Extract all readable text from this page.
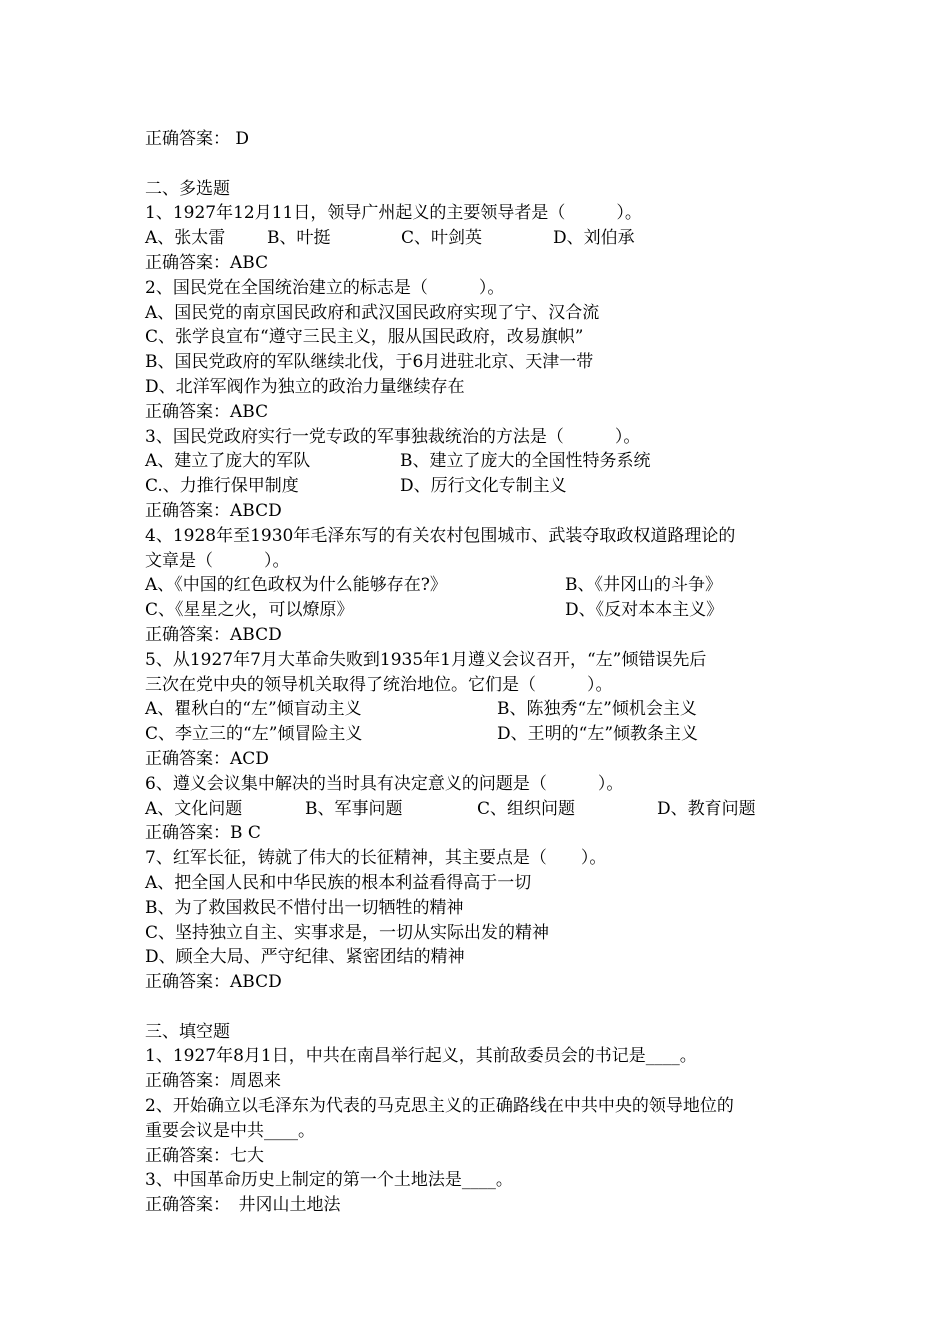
正确答案： D
二、多选题
1、1927年12月11日，领导广州起义的主要领导者是（　　　）。
A、张太雷	B、叶挺	C、叶剑英	D、刘伯承
正确答案：ABC
2、国民党在全国统治建立的标志是（　　　）。
A、国民党的南京国民政府和武汉国民政府实现了宁、汉合流
C、张学良宣布“遵守三民主义，服从国民政府，改易旗帜”
B、国民党政府的军队继续北伐，于6月进驻北京、天津一带
D、北洋军阀作为独立的政治力量继续存在
正确答案：ABC
3、国民党政府实行一党专政的军事独裁统治的方法是（　　　）。
A、建立了庞大的军队	B、建立了庞大的全国性特务系统
C.、力推行保甲制度	D、厉行文化专制主义
正确答案：ABCD
4、1928年至1930年毛泽东写的有关农村包围城市、武装夺取政权道路理论的
文章是（　　　）。
A、《中国的红色政权为什么能够存在?》	B、《井冈山的斗争》
C、《星星之火，可以燎原》	D、《反对本本主义》
正确答案：ABCD
5、从1927年7月大革命失败到1935年1月遵义会议召开，“左”倾错误先后
三次在党中央的领导机关取得了统治地位。它们是（　　　）。
A、瞿秋白的“左”倾盲动主义	B、陈独秀“左”倾机会主义
C、李立三的“左”倾冒险主义	D、王明的“左”倾教条主义
正确答案：ACD
6、遵义会议集中解决的当时具有决定意义的问题是（　　　）。
A、文化问题	B、军事问题	C、组织问题	D、教育问题
正确答案：B C
7、红军长征，铸就了伟大的长征精神，其主要点是（　　）。
A、把全国人民和中华民族的根本利益看得高于一切
B、为了救国救民不惜付出一切牺牲的精神
C、坚持独立自主、实事求是，一切从实际出发的精神
D、顾全大局、严守纪律、紧密团结的精神
正确答案：ABCD
三、填空题
1、1927年8月1日，中共在南昌举行起义，其前敌委员会的书记是____。
正确答案：周恩来
2、开始确立以毛泽东为代表的马克思主义的正确路线在中共中央的领导地位的
重要会议是中共____。
正确答案：七大
3、中国革命历史上制定的第一个土地法是____。
正确答案：　井冈山土地法
